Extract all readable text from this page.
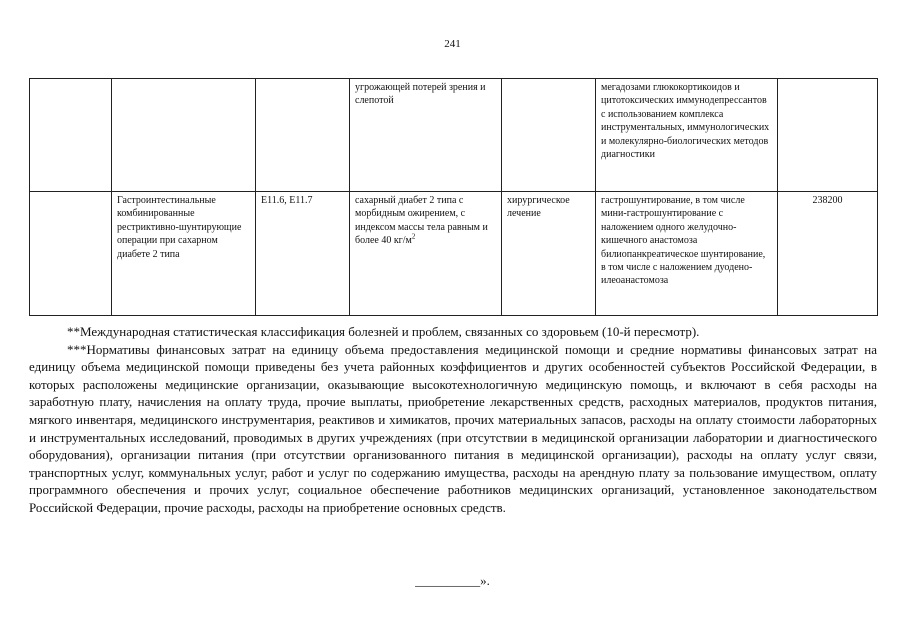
241
			угрожающей потерей зрения и слепотой		мегадозами глюкокортикоидов и цитотоксических иммунодепрессантов с использованием комплекса инструментальных, иммунологических и молекулярно-биологических методов диагностики	
	Гастроинтестинальные комбинированные рестриктивно-шунтирующие операции при сахарном диабете 2 типа	E11.6, E11.7	сахарный диабет 2 типа с морбидным ожирением, с индексом массы тела равным и более 40 $кг/м^2$	хирургическое лечение	гастрошунтирование, в том числе мини-гастрошунтирование с наложением одного желудочно-кишечного анастомоза билиопанкреатическое шунтирование, в том числе с наложением дуодено-илеоанастомоза	238200

**Международная статистическая классификация болезней и проблем, связанных со здоровьем (10-й пересмотр).

***Нормативы финансовых затрат на единицу объема предоставления медицинской помощи и средние нормативы финансовых затрат на единицу объема медицинской помощи приведены без учета районных коэффициентов и других особенностей субъектов Российской Федерации, в которых расположены медицинские организации, оказывающие высокотехнологичную медицинскую помощь, и включают в себя расходы на заработную плату, начисления на оплату труда, прочие выплаты, приобретение лекарственных средств, расходных материалов, продуктов питания, мягкого инвентаря, медицинского инструментария, реактивов и химикатов, прочих материальных запасов, расходы на оплату стоимости лабораторных и инструментальных исследований, проводимых в других учреждениях (при отсутствии в медицинской организации лаборатории и диагностического оборудования), организации питания (при отсутствии организованного питания в медицинской организации), расходы на оплату услуг связи, транспортных услуг, коммунальных услуг, работ и услуг по содержанию имущества, расходы на арендную плату за пользование имуществом, оплату программного обеспечения и прочих услуг, социальное обеспечение работников медицинских организаций, установленное законодательством Российской Федерации, прочие расходы, расходы на приобретение основных средств.

__________».
